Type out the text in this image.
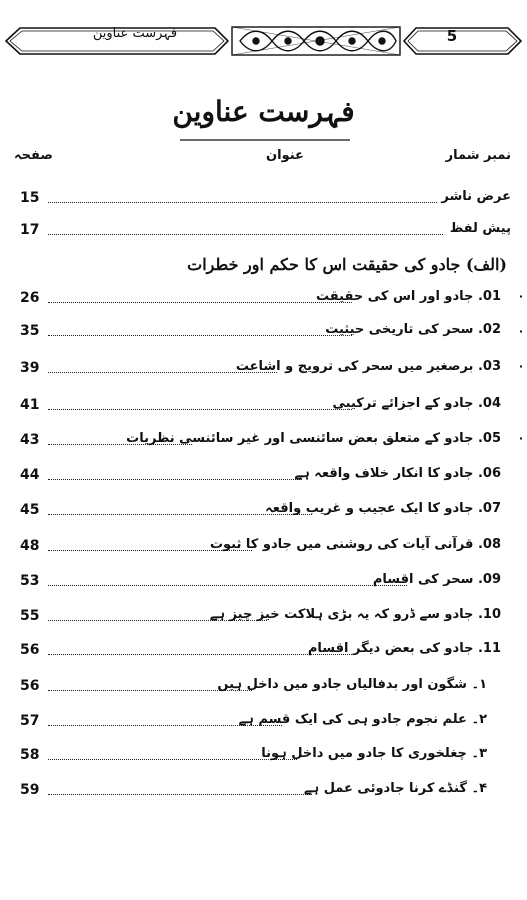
5
فہرست عناوین
فہرست عناوین
نمبر شمار
عنوان
صفحہ
15	عرض ناشر
17	پیش لفظ
(الف) جادو کی حقیقت اس کا حکم اور خطرات
26	01. جادو اور اس کی حقیقت ·
35	02. سحر کی تاریخی حیثیت ·
39	03. برصغیر میں سحر کی ترویج و اشاعت ·
41	04. جادو کے اجزائے ترکیبی
43	05. جادو کے متعلق بعض سائنسی اور غیر سائنسی نظریات ·
44	06. جادو کا انکار خلاف واقعہ ہے
45	07. جادو کا ایک عجیب و غریب واقعہ
48	08. قرآنی آیات کی روشنی میں جادو کا ثبوت
53	09. سحر کی اقسام
55	10. جادو سے ڈرو کہ یہ بڑی ہلاکت خیز چیز ہے
56	11. جادو کی بعض دیگر اقسام
56	۱۔ شگون اور بدفالیاں جادو میں داخل ہیں
57	۲۔ علم نجوم جادو ہی کی ایک قسم ہے
58	۳۔ چغلخوری کا جادو میں داخل ہونا
59	۴۔ گنڈے کرنا جادوئی عمل ہے
